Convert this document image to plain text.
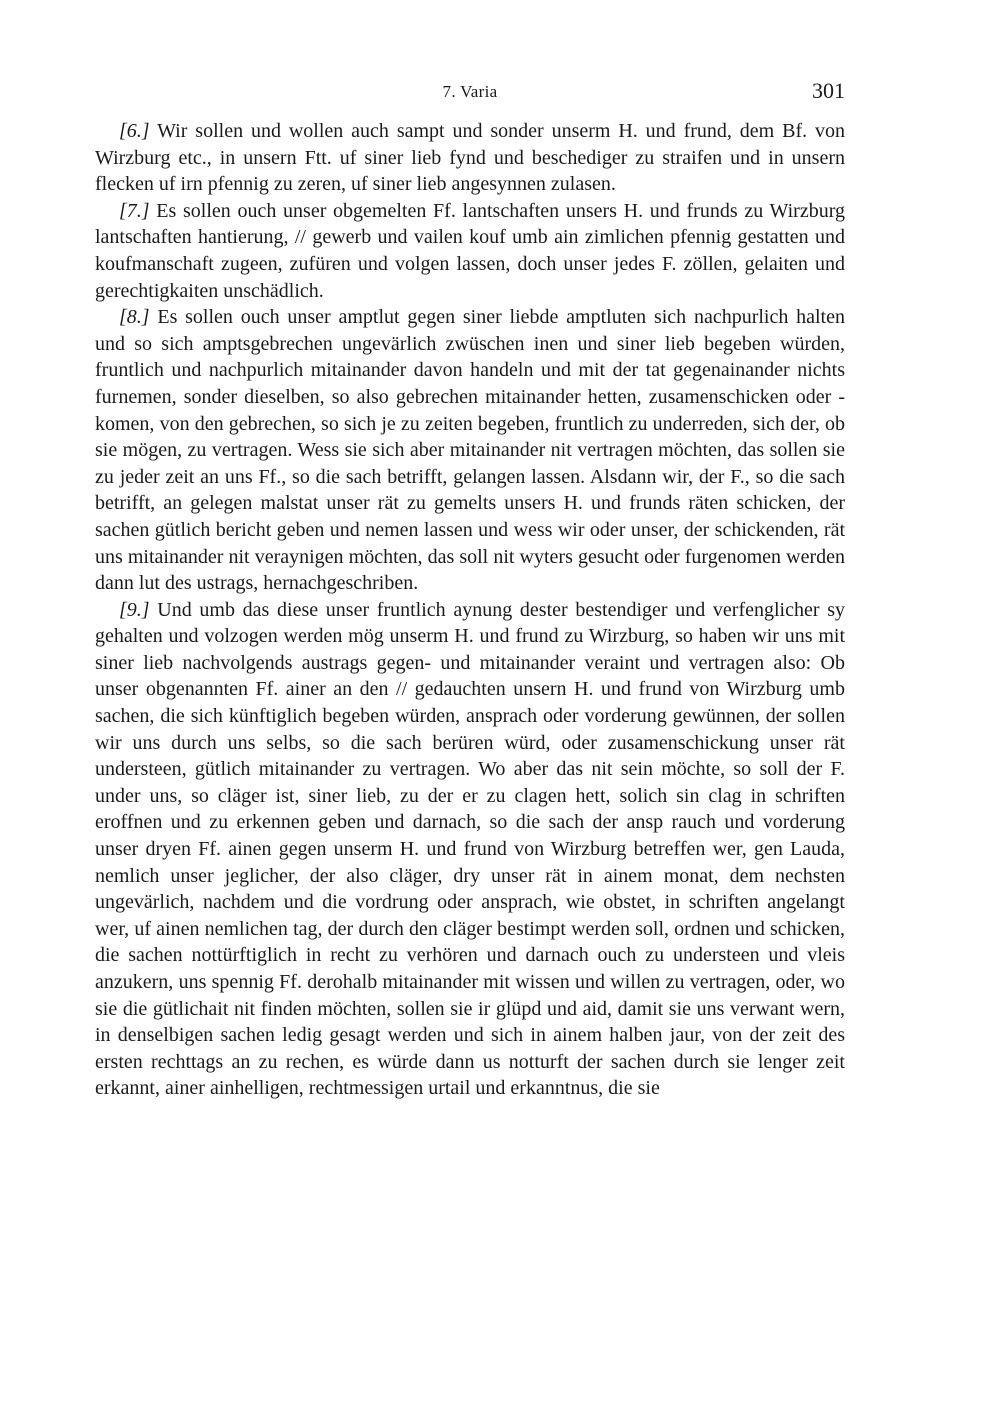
7. Varia	301

[6.] Wir sollen und wollen auch sampt und sonder unserm H. und frund, dem Bf. von Wirzburg etc., in unsern Ftt. uf siner lieb fynd und beschediger zu straifen und in unsern flecken uf irn pfennig zu zeren, uf siner lieb angesynnen zulasen.

[7.] Es sollen ouch unser obgemelten Ff. lantschaften unsers H. und frunds zu Wirzburg lantschaften hantierung, // gewerb und vailen kouf umb ain zimlichen pfennig gestatten und koufmanschaft zugeen, zufüren und volgen lassen, doch unser jedes F. zöllen, gelaiten und gerechtigkaiten unschädlich.

[8.] Es sollen ouch unser amptlut gegen siner liebde amptluten sich nachpurlich halten und so sich amptsgebrechen ungevärlich zwüschen inen und siner lieb begeben würden, fruntlich und nachpurlich mitainander davon handeln und mit der tat gegenainander nichts furnemen, sonder dieselben, so also gebrechen mitainander hetten, zusamenschicken oder -komen, von den gebrechen, so sich je zu zeiten begeben, fruntlich zu underreden, sich der, ob sie mögen, zu vertragen. Wess sie sich aber mitainander nit vertragen möchten, das sollen sie zu jeder zeit an uns Ff., so die sach betrifft, gelangen lassen. Alsdann wir, der F., so die sach betrifft, an gelegen malstat unser rät zu gemelts unsers H. und frunds räten schicken, der sachen gütlich bericht geben und nemen lassen und wess wir oder unser, der schickenden, rät uns mitainander nit veraynigen möchten, das soll nit wyters gesucht oder furgenomen werden dann lut des ustrags, hernachgeschriben.

[9.] Und umb das diese unser fruntlich aynung dester bestendiger und verfenglicher sy gehalten und volzogen werden mög unserm H. und frund zu Wirzburg, so haben wir uns mit siner lieb nachvolgends austrags gegen- und mitainander veraint und vertragen also: Ob unser obgenannten Ff. ainer an den // gedauchten unsern H. und frund von Wirzburg umb sachen, die sich künftiglich begeben würden, ansprach oder vorderung gewünnen, der sollen wir uns durch uns selbs, so die sach berüren würd, oder zusamenschickung unser rät understeen, gütlich mitainander zu vertragen. Wo aber das nit sein möchte, so soll der F. under uns, so cläger ist, siner lieb, zu der er zu clagen hett, solich sin clag in schriften eroffnen und zu erkennen geben und darnach, so die sach der ansp rauch und vorderung unser dryen Ff. ainen gegen unserm H. und frund von Wirzburg betreffen wer, gen Lauda, nemlich unser jeglicher, der also cläger, dry unser rät in ainem monat, dem nechsten ungevärlich, nachdem und die vordrung oder ansprach, wie obstet, in schriften angelangt wer, uf ainen nemlichen tag, der durch den cläger bestimpt werden soll, ordnen und schicken, die sachen nottürftiglich in recht zu verhören und darnach ouch zu understeen und vleis anzukern, uns spennig Ff. derohalb mitainander mit wissen und willen zu vertragen, oder, wo sie die gütlichait nit finden möchten, sollen sie ir glüpd und aid, damit sie uns verwant wern, in denselbigen sachen ledig gesagt werden und sich in ainem halben jaur, von der zeit des ersten rechttags an zu rechen, es würde dann us notturft der sachen durch sie lenger zeit erkannt, ainer ainhelligen, rechtmessigen urtail und erkanntnus, die sie
